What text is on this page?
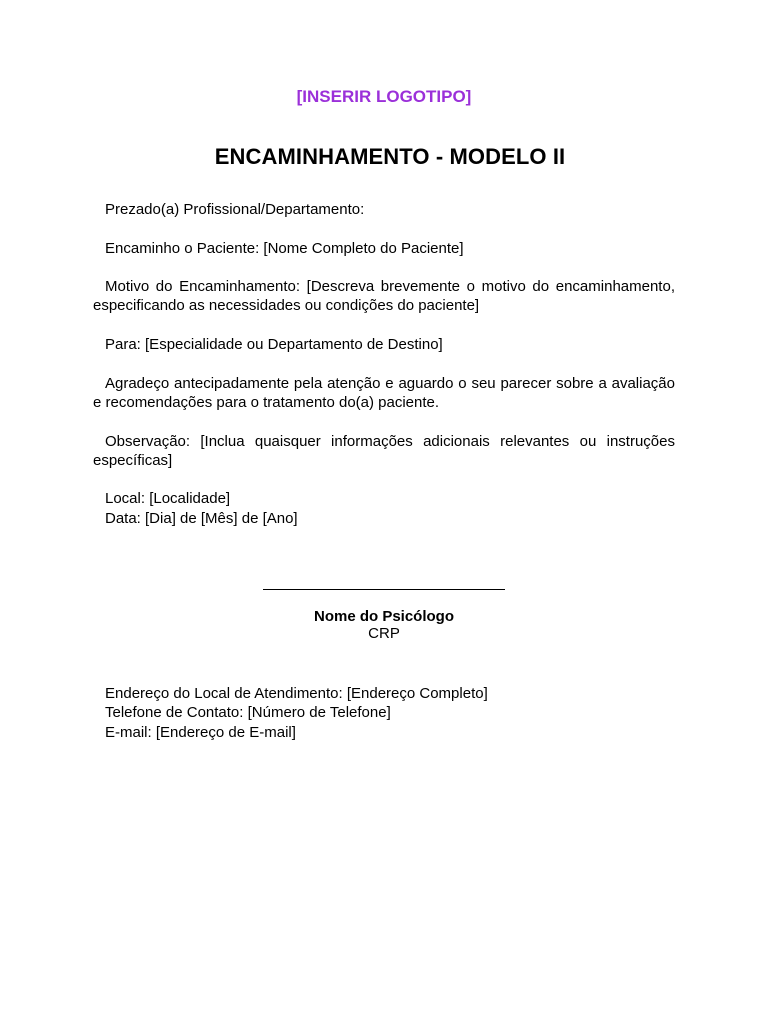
[INSERIR LOGOTIPO]
ENCAMINHAMENTO - MODELO II

Prezado(a) Profissional/Departamento:

Encaminho o Paciente: [Nome Completo do Paciente]

Motivo do Encaminhamento: [Descreva brevemente o motivo do encaminhamento, especificando as necessidades ou condições do paciente]

Para: [Especialidade ou Departamento de Destino]

Agradeço antecipadamente pela atenção e aguardo o seu parecer sobre a avaliação e recomendações para o tratamento do(a) paciente.

Observação: [Inclua quaisquer informações adicionais relevantes ou instruções específicas]

Local: [Localidade]
Data: [Dia] de [Mês] de [Ano]
Nome do Psicólogo
CRP
Endereço do Local de Atendimento: [Endereço Completo]
Telefone de Contato: [Número de Telefone]
E-mail: [Endereço de E-mail]
